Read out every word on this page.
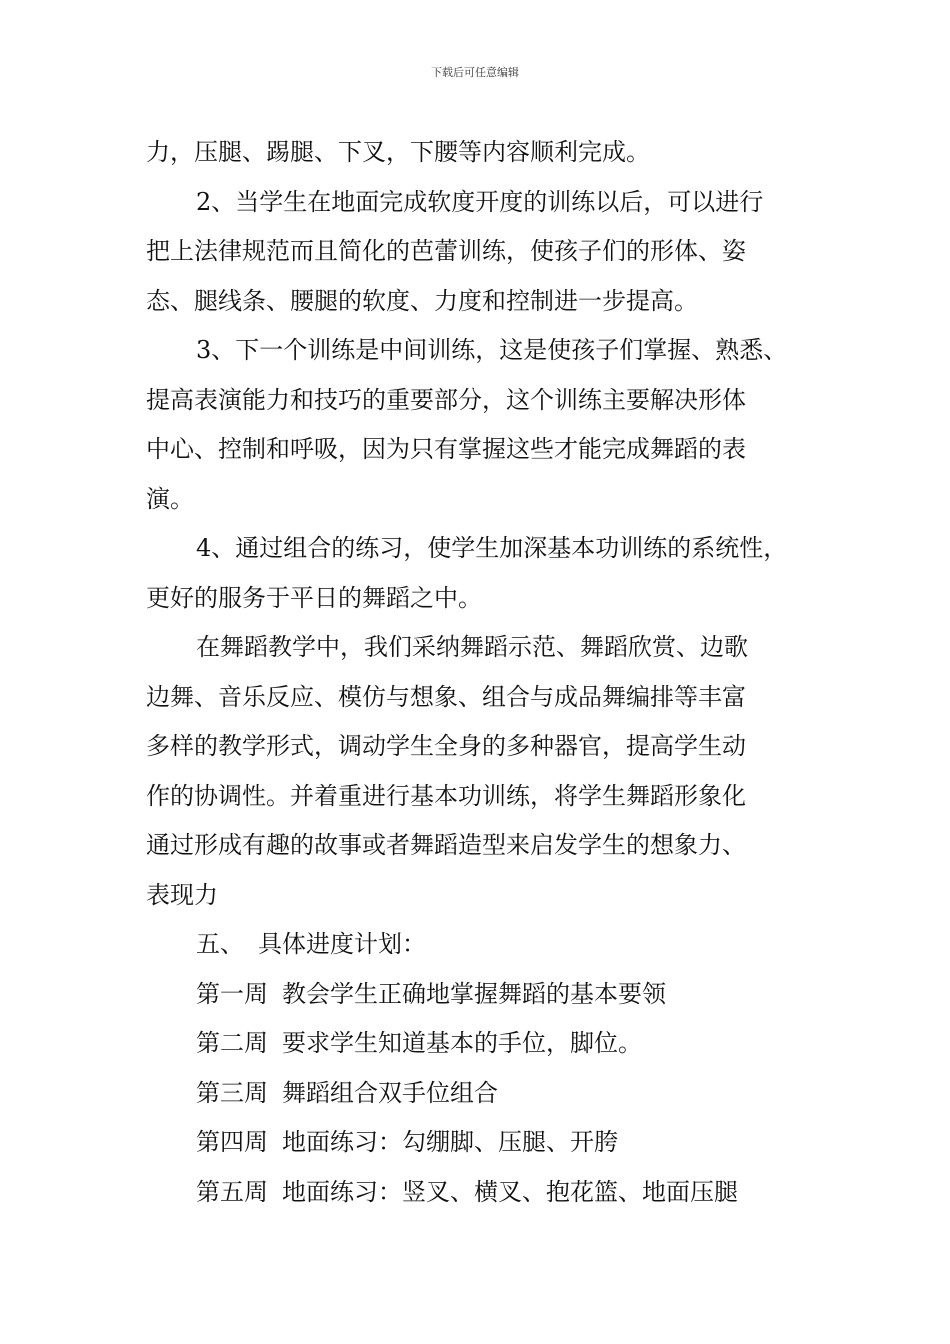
下载后可任意编辑
力，压腿、踢腿、下叉，下腰等内容顺利完成。
2、当学生在地面完成软度开度的训练以后，可以进行
把上法律规范而且简化的芭蕾训练，使孩子们的形体、姿
态、腿线条、腰腿的软度、力度和控制进一步提高。
3、下一个训练是中间训练，这是使孩子们掌握、熟悉、
提高表演能力和技巧的重要部分，这个训练主要解决形体
中心、控制和呼吸，因为只有掌握这些才能完成舞蹈的表
演。
4、通过组合的练习，使学生加深基本功训练的系统性，
更好的服务于平日的舞蹈之中。
在舞蹈教学中，我们采纳舞蹈示范、舞蹈欣赏、边歌
边舞、音乐反应、模仿与想象、组合与成品舞编排等丰富
多样的教学形式，调动学生全身的多种器官，提高学生动
作的协调性。并着重进行基本功训练，将学生舞蹈形象化
通过形成有趣的故事或者舞蹈造型来启发学生的想象力、
表现力
五、 具体进度计划：
第一周 教会学生正确地掌握舞蹈的基本要领
第二周 要求学生知道基本的手位，脚位。
第三周 舞蹈组合双手位组合
第四周 地面练习：勾绷脚、压腿、开胯
第五周 地面练习：竖叉、横叉、抱花篮、地面压腿
